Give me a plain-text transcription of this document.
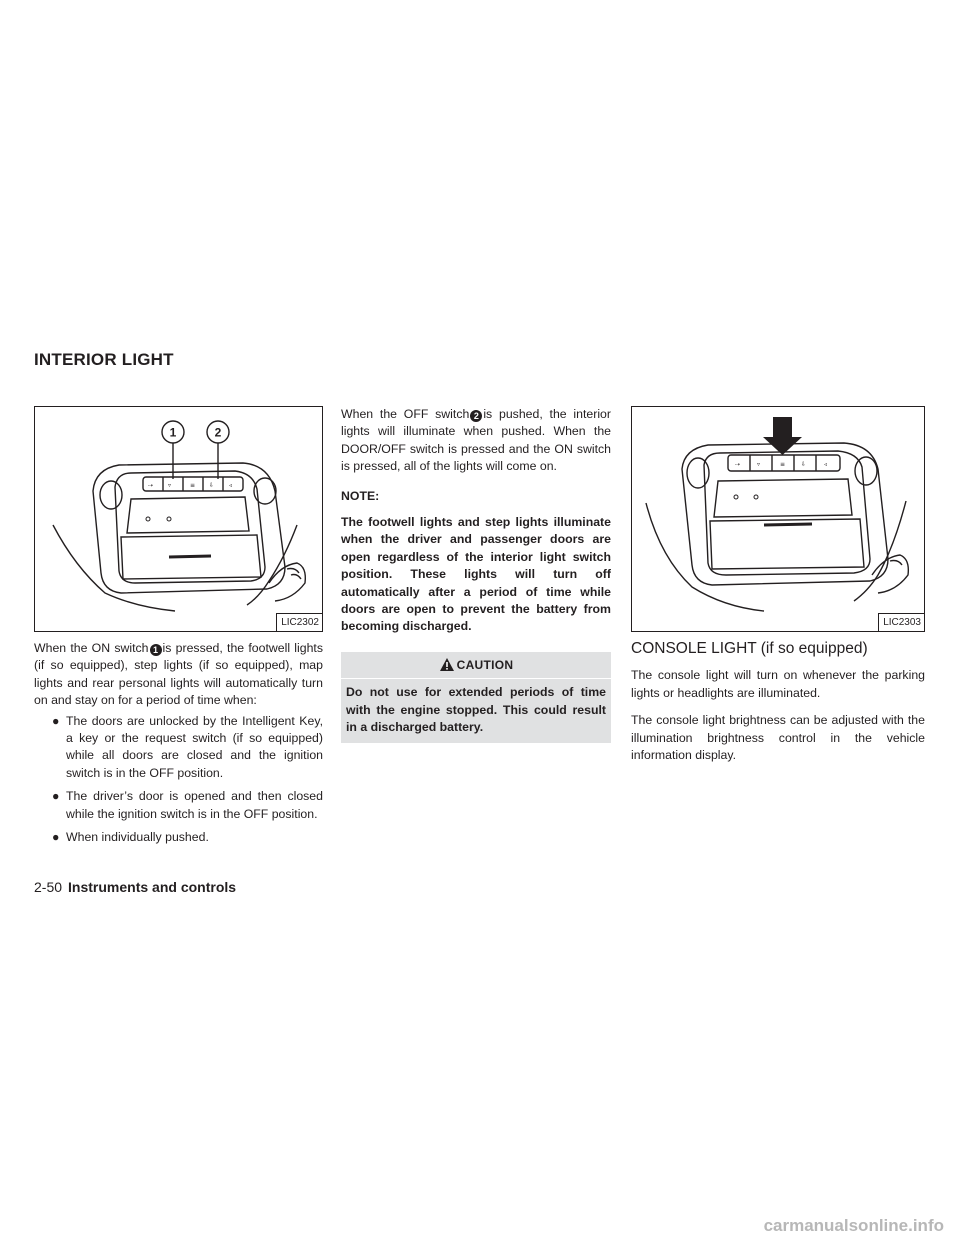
INTERIOR LIGHT
⇢ ▿	≡ ⇩ ◃
1	2
LIC2302
⇢	▿	≡	⇩	◃
LIC2303

When the ON switch 1 is pressed, the footwell lights (if so equipped), step lights (if so equipped), map lights and rear personal lights will automatically turn on and stay on for a period of time when:

● The doors are unlocked by the Intelligent Key, a key or the request switch (if so equipped) while all doors are closed and the ignition switch is in the OFF position.
● The driver’s door is opened and then closed while the ignition switch is in the OFF position.
● When individually pushed.

When the OFF switch 2 is pushed, the interior lights will illuminate when pushed. When the DOOR/OFF switch is pressed and the ON switch is pressed, all of the lights will come on.

NOTE:
The footwell lights and step lights illuminate when the driver and passenger doors are open regardless of the interior light switch position. These lights will turn off automatically after a period of time while doors are open to prevent the battery from becoming discharged.
CAUTION
Do not use for extended periods of time with the engine stopped. This could result in a discharged battery.
CONSOLE LIGHT (if so equipped)

The console light will turn on whenever the parking lights or headlights are illuminated.

The console light brightness can be adjusted with the illumination brightness control in the vehicle information display.

2-50 Instruments and controls
carmanualsonline.info
